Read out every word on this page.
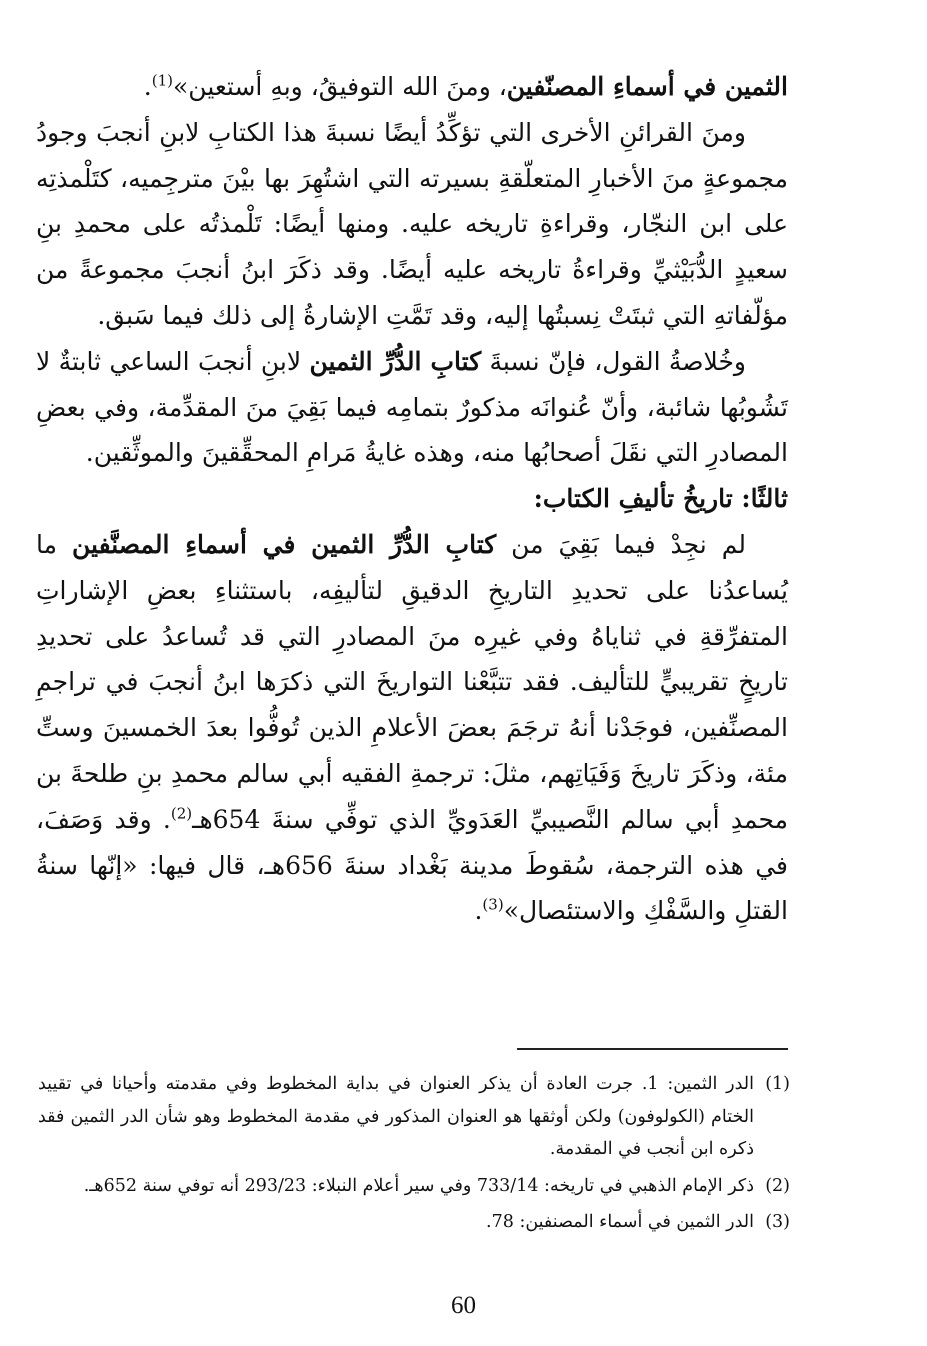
الثمين في أسماءِ المصنّفين، ومنَ الله التوفيقُ، وبهِ أستعين»$^{(1)}$.

ومنَ القرائنِ الأخرى التي تؤكِّدُ أيضًا نسبةَ هذا الكتابِ لابنِ أنجبَ وجودُ مجموعةٍ منَ الأخبارِ المتعلّقةِ بسيرته التي اشتُهِرَ بها بيْنَ مترجِميه، كتَلْمذتِه على ابن النجّار، وقراءةِ تاريخه عليه. ومنها أيضًا: تَلْمذتُه على محمدِ بنِ سعيدٍ الدُّبَيْثيِّ وقراءةُ تاريخه عليه أيضًا. وقد ذكَرَ ابنُ أنجبَ مجموعةً من مؤلّفاتهِ التي ثبتَتْ نِسبتُها إليه، وقد تَمَّتِ الإشارةُ إلى ذلك فيما سَبق.

وخُلاصةُ القول، فإنّ نسبةَ كتابِ الدُّرِّ الثمين لابنِ أنجبَ الساعي ثابتةٌ لا تَشُوبُها شائبة، وأنّ عُنوانَه مذكورٌ بتمامِه فيما بَقِيَ منَ المقدِّمة، وفي بعضِ المصادرِ التي نقَلَ أصحابُها منه، وهذه غايةُ مَرامِ المحقِّقينَ والموثِّقين.

ثالثًا: تاريخُ تأليفِ الكتاب:

لم نجِدْ فيما بَقِيَ من كتابِ الدُّرِّ الثمين في أسماءِ المصنَّفين ما يُساعدُنا على تحديدِ التاريخِ الدقيقِ لتأليفِه، باستثناءِ بعضِ الإشاراتِ المتفرِّقةِ في ثناياهُ وفي غيرِه منَ المصادرِ التي قد تُساعدُ على تحديدِ تاريخٍ تقريبيٍّ للتأليف. فقد تتبَّعْنا التواريخَ التي ذكرَها ابنُ أنجبَ في تراجمِ المصنِّفين، فوجَدْنا أنهُ ترجَمَ بعضَ الأعلامِ الذين تُوفُّوا بعدَ الخمسينَ وستِّ مئة، وذكَرَ تاريخَ وَفَيَاتِهم، مثلَ: ترجمةِ الفقيه أبي سالم محمدِ بنِ طلحةَ بن محمدِ أبي سالم النَّصيبيِّ العَدَويِّ الذي توفِّي سنةَ 654هـ$^{(2)}$. وقد وَصَفَ، في هذه الترجمة، سُقوطَ مدينة بَغْداد سنةَ 656هـ، قال فيها: «إنّها سنةُ القتلِ والسَّفْكِ والاستئصال»$^{(3)}$.

(1)
الدر الثمين: 1. جرت العادة أن يذكر العنوان في بداية المخطوط وفي مقدمته وأحيانا في تقييد الختام (الكولوفون) ولكن أوثقها هو العنوان المذكور في مقدمة المخطوط وهو شأن الدر الثمين فقد ذكره ابن أنجب في المقدمة.
(2)
ذكر الإمام الذهبي في تاريخه: 733/14 وفي سير أعلام النبلاء: 293/23 أنه توفي سنة 652هـ.
(3)
الدر الثمين في أسماء المصنفين: 78.
60
